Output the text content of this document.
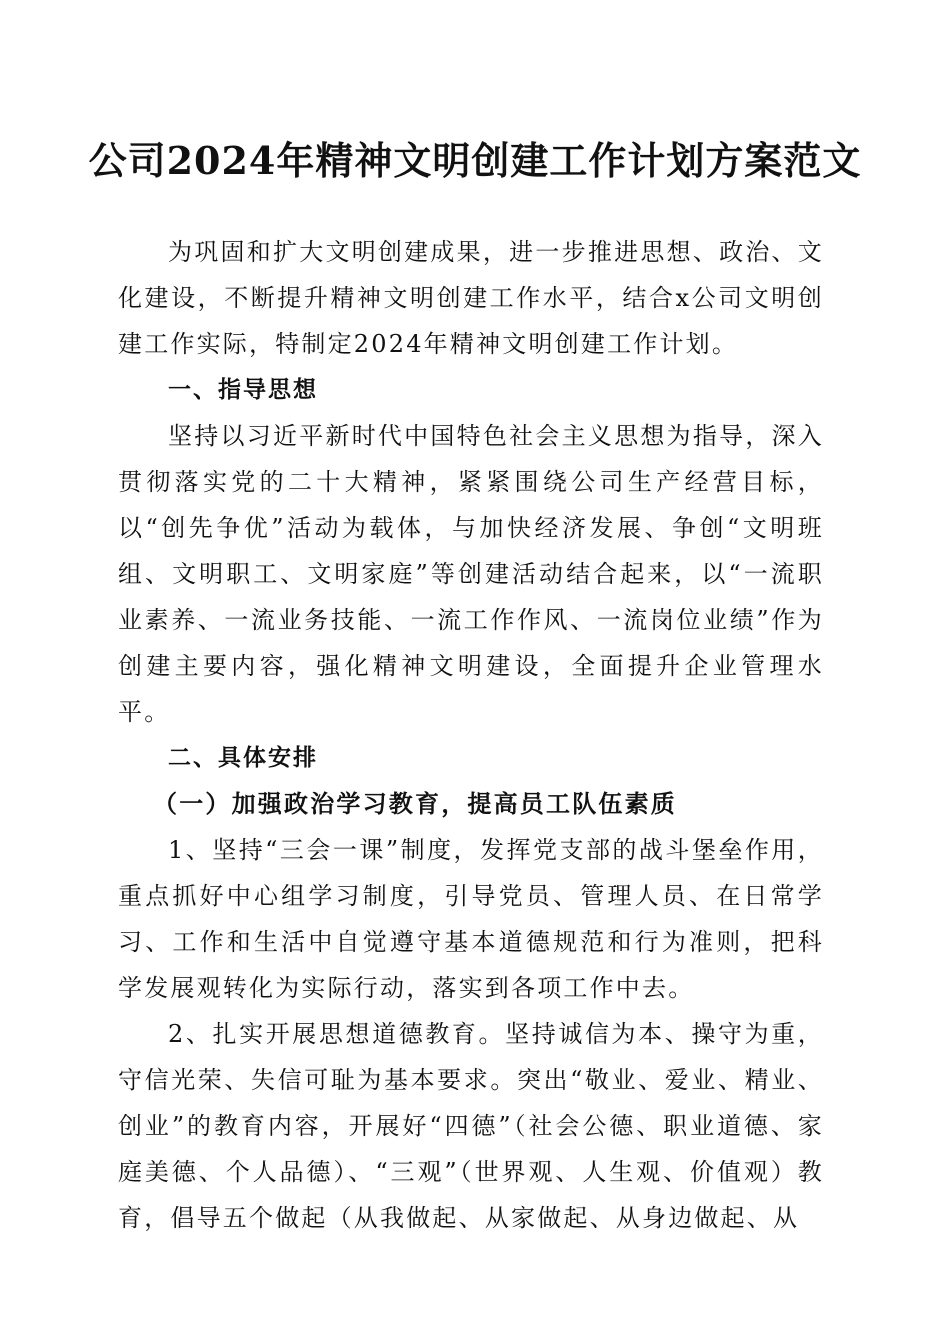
公司2024年精神文明创建工作计划方案范文

为巩固和扩大文明创建成果，进一步推进思想、政治、文化建设，不断提升精神文明创建工作水平，结合x公司文明创建工作实际，特制定2024年精神文明创建工作计划。

一、指导思想

坚持以习近平新时代中国特色社会主义思想为指导，深入贯彻落实党的二十大精神，紧紧围绕公司生产经营目标，以“创先争优”活动为载体，与加快经济发展、争创“文明班组、文明职工、文明家庭”等创建活动结合起来，以“一流职业素养、一流业务技能、一流工作作风、一流岗位业绩”作为创建主要内容，强化精神文明建设，全面提升企业管理水平。

二、具体安排

（一）加强政治学习教育，提高员工队伍素质

1、坚持“三会一课”制度，发挥党支部的战斗堡垒作用，重点抓好中心组学习制度，引导党员、管理人员、在日常学习、工作和生活中自觉遵守基本道德规范和行为准则，把科学发展观转化为实际行动，落实到各项工作中去。

2、扎实开展思想道德教育。坚持诚信为本、操守为重，守信光荣、失信可耻为基本要求。突出“敬业、爱业、精业、创业”的教育内容，开展好“四德”（社会公德、职业道德、家庭美德、个人品德）、“三观”（世界观、人生观、价值观）教育，倡导五个做起（从我做起、从家做起、从身边做起、从
